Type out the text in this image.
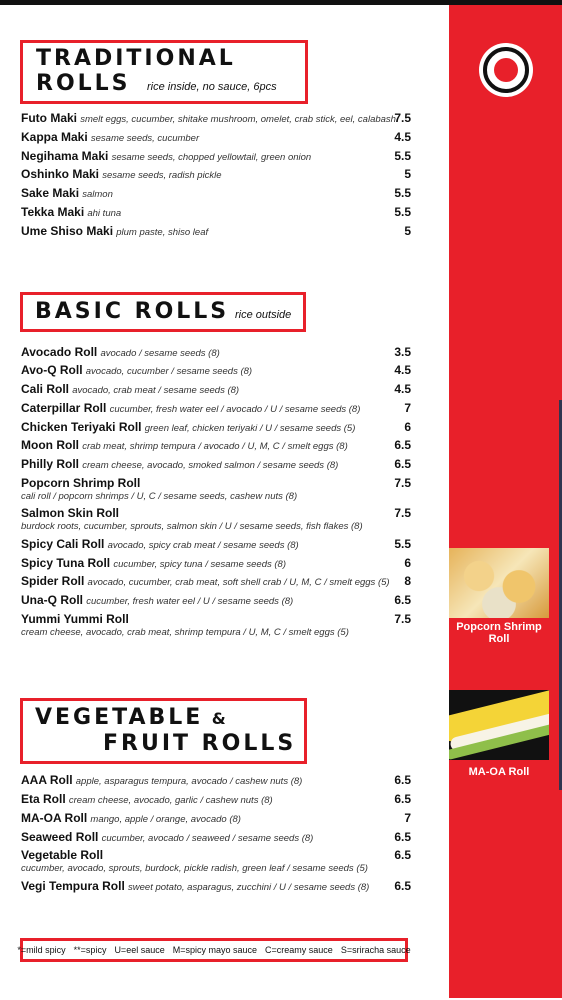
TRADITIONAL
ROLLS rice inside, no sauce, 6pcs
Futo Maki smelt eggs, cucumber, shitake mushroom, omelet, crab stick, eel, calabash
7.5
Kappa Maki sesame seeds, cucumber	4.5
Negihama Maki sesame seeds, chopped yellowtail, green onion	5.5
Oshinko Maki sesame seeds, radish pickle	5
Sake Maki salmon	5.5
Tekka Maki ahi tuna	5.5
Ume Shiso Maki plum paste, shiso leaf	5
BASIC ROLLS rice outside
Avocado Roll avocado / sesame seeds (8)	3.5
Avo-Q Roll avocado, cucumber / sesame seeds (8)	4.5
Cali Roll avocado, crab meat / sesame seeds (8)	4.5
Caterpillar Roll cucumber, fresh water eel / avocado / U / sesame seeds (8)	7
Chicken Teriyaki Roll green leaf, chicken teriyaki / U / sesame seeds (5)	6
Moon Roll crab meat, shrimp tempura / avocado / U, M, C / smelt eggs (8)	6.5
Philly Roll cream cheese, avocado, smoked salmon / sesame seeds (8)	6.5
Popcorn Shrimp Roll
cali roll / popcorn shrimps / U, C / sesame seeds, cashew nuts (8)
7.5
Salmon Skin Roll
burdock roots, cucumber, sprouts, salmon skin / U / sesame seeds, fish flakes (8)
7.5
Spicy Cali Roll avocado, spicy crab meat / sesame seeds (8)	5.5
Spicy Tuna Roll cucumber, spicy tuna / sesame seeds (8)	6
Spider Roll avocado, cucumber, crab meat, soft shell crab / U, M, C / smelt eggs (5) 8
Una-Q Roll cucumber, fresh water eel / U / sesame seeds (8)	6.5
Yummi Yummi Roll
cream cheese, avocado, crab meat, shrimp tempura / U, M, C / smelt eggs (5)
7.5
VEGETABLE &
FRUIT ROLLS
AAA Roll apple, asparagus tempura, avocado / cashew nuts (8)	6.5
Eta Roll cream cheese, avocado, garlic / cashew nuts (8)	6.5
MA-OA Roll mango, apple / orange, avocado (8)	7
Seaweed Roll cucumber, avocado / seaweed / sesame seeds (8)	6.5
Vegetable Roll
cucumber, avocado, sprouts, burdock, pickle radish, green leaf / sesame seeds (5)
6.5
Vegi Tempura Roll sweet potato, asparagus, zucchini / U / sesame seeds (8) 6.5
*=mild spicy **=spicy U=eel sauce M=spicy mayo sauce C=creamy sauce S=sriracha sauce
Popcorn Shrimp Roll
MA-OA Roll
